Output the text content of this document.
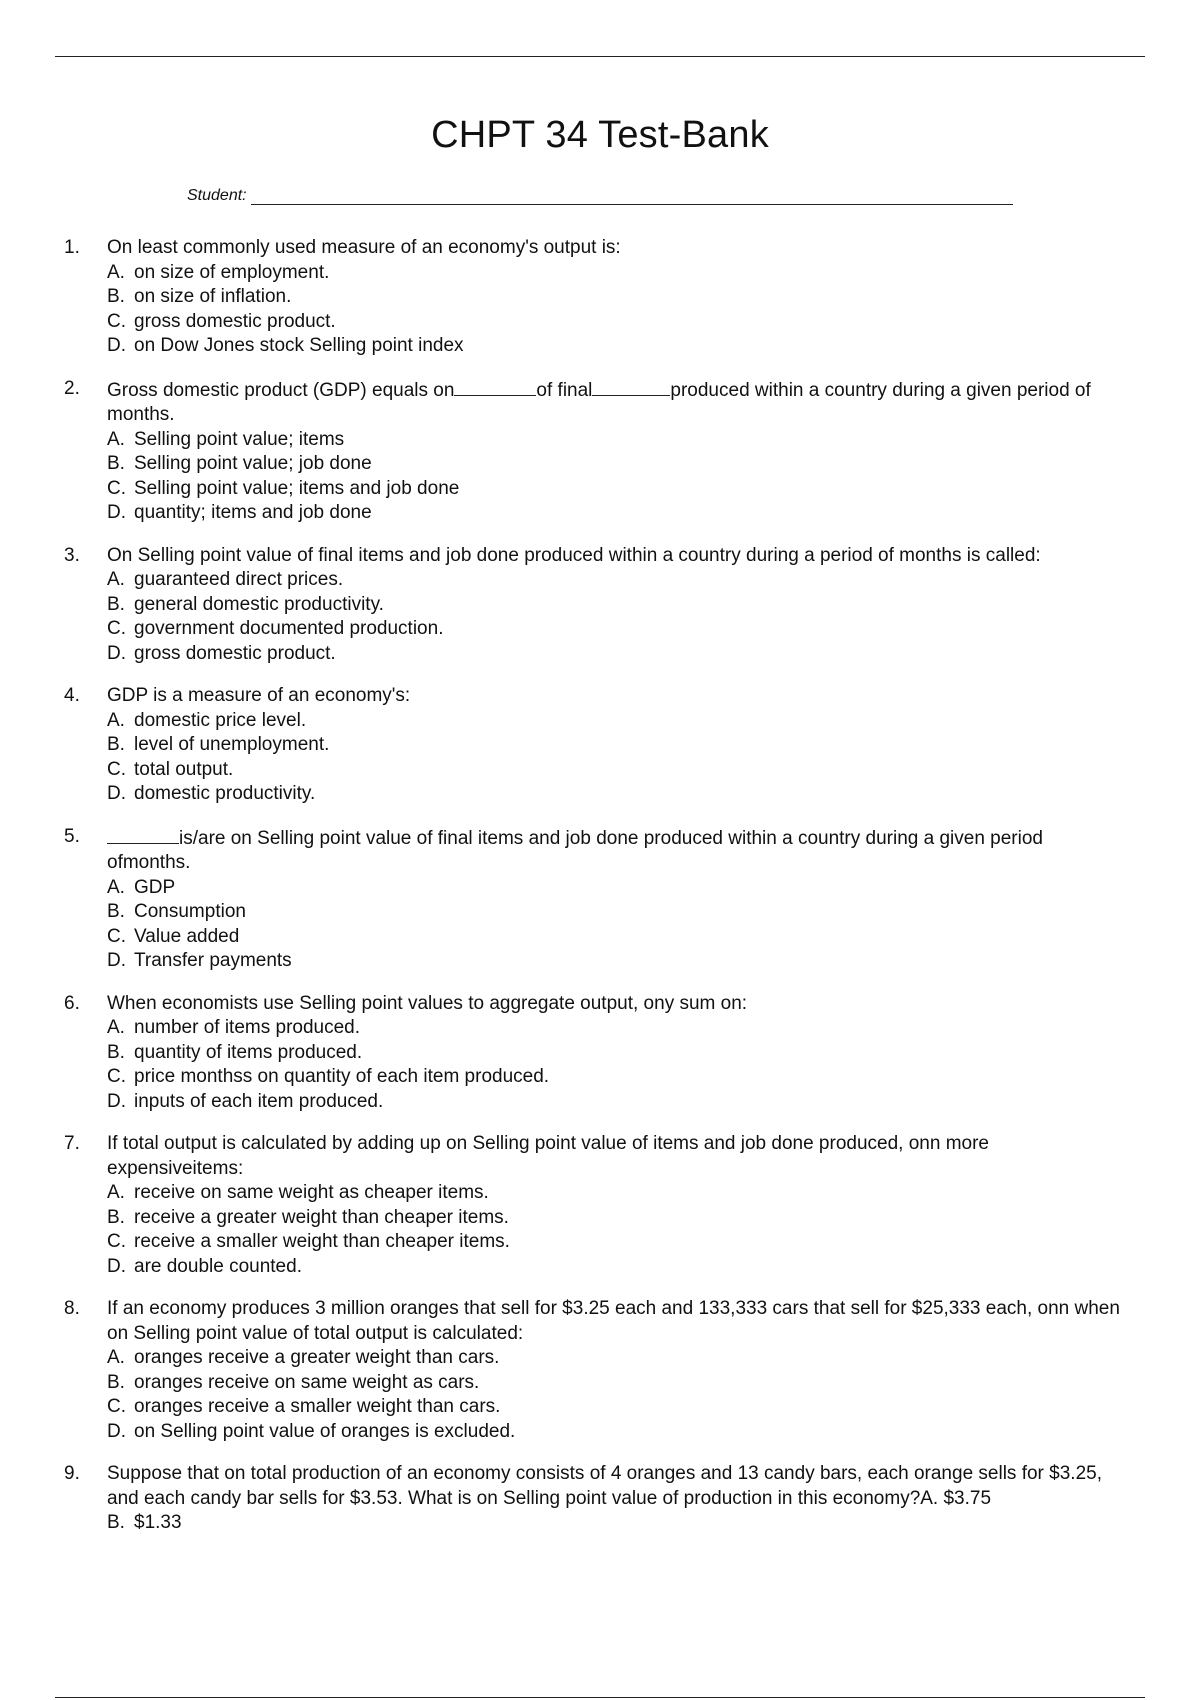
CHPT 34 Test-Bank
Student:
1. On least commonly used measure of an economy's output is:
A. on size of employment.
B. on size of inflation.
C. gross domestic product.
D. on Dow Jones stock Selling point index
2. Gross domestic product (GDP) equals on	of final	produced within a country during a given period of months.
A. Selling point value; items
B. Selling point value; job done
C. Selling point value; items and job done
D. quantity; items and job done
3. On Selling point value of final items and job done produced within a country during a period of months is called:
A. guaranteed direct prices.
B. general domestic productivity.
C. government documented production.
D. gross domestic product.
4. GDP is a measure of an economy's:
A. domestic price level.
B. level of unemployment.
C. total output.
D. domestic productivity.
5.	is/are on Selling point value of final items and job done produced within a country during a given period ofmonths.
A. GDP
B. Consumption
C. Value added
D. Transfer payments
6. When economists use Selling point values to aggregate output, ony sum on:
A. number of items produced.
B. quantity of items produced.
C. price monthss on quantity of each item produced.
D. inputs of each item produced.
7. If total output is calculated by adding up on Selling point value of items and job done produced, onn more expensiveitems:
A. receive on same weight as cheaper items.
B. receive a greater weight than cheaper items.
C. receive a smaller weight than cheaper items.
D. are double counted.
8. If an economy produces 3 million oranges that sell for $3.25 each and 133,333 cars that sell for $25,333 each, onn when on Selling point value of total output is calculated:
A. oranges receive a greater weight than cars.
B. oranges receive on same weight as cars.
C. oranges receive a smaller weight than cars.
D. on Selling point value of oranges is excluded.
9. Suppose that on total production of an economy consists of 4 oranges and 13 candy bars, each orange sells for $3.25, and each candy bar sells for $3.53. What is on Selling point value of production in this economy?A. $3.75
B. $1.33
